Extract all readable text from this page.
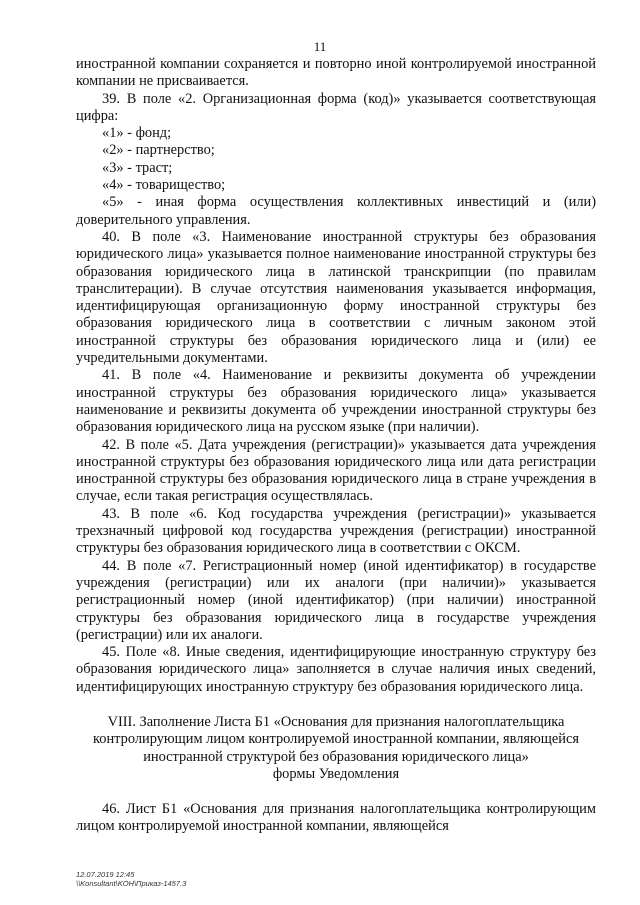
11

иностранной компании сохраняется и повторно иной контролируемой иностранной компании не присваивается.

39. В поле «2. Организационная форма (код)» указывается соответствующая цифра:

«1» - фонд;

«2» - партнерство;

«3» - траст;

«4» - товарищество;

«5» - иная форма осуществления коллективных инвестиций и (или) доверительного управления.

40. В поле «3. Наименование иностранной структуры без образования юридического лица» указывается полное наименование иностранной структуры без образования юридического лица в латинской транскрипции (по правилам транслитерации). В случае отсутствия наименования указывается информация, идентифицирующая организационную форму иностранной структуры без образования юридического лица в соответствии с личным законом этой иностранной структуры без образования юридического лица и (или) ее учредительными документами.

41. В поле «4. Наименование и реквизиты документа об учреждении иностранной структуры без образования юридического лица» указывается наименование и реквизиты документа об учреждении иностранной структуры без образования юридического лица на русском языке (при наличии).

42. В поле «5. Дата учреждения (регистрации)» указывается дата учреждения иностранной структуры без образования юридического лица или дата регистрации иностранной структуры без образования юридического лица в стране учреждения в случае, если такая регистрация осуществлялась.

43. В поле «6. Код государства учреждения (регистрации)» указывается трехзначный цифровой код государства учреждения (регистрации) иностранной структуры без образования юридического лица в соответствии с ОКСМ.

44. В поле «7. Регистрационный номер (иной идентификатор) в государстве учреждения (регистрации) или их аналоги (при наличии)» указывается регистрационный номер (иной идентификатор) (при наличии) иностранной структуры без образования юридического лица в государстве учреждения (регистрации) или их аналоги.

45. Поле «8. Иные сведения, идентифицирующие иностранную структуру без образования юридического лица» заполняется в случае наличия иных сведений, идентифицирующих иностранную структуру без образования юридического лица.

VIII. Заполнение Листа Б1 «Основания для признания налогоплательщика
контролирующим лицом контролируемой иностранной компании, являющейся
иностранной структурой без образования юридического лица»
формы Уведомления

46. Лист Б1 «Основания для признания налогоплательщика контролирующим лицом контролируемой иностранной компании, являющейся

12.07.2019 12:45
\\Konsultant\KOH\Приказ-1457.3
